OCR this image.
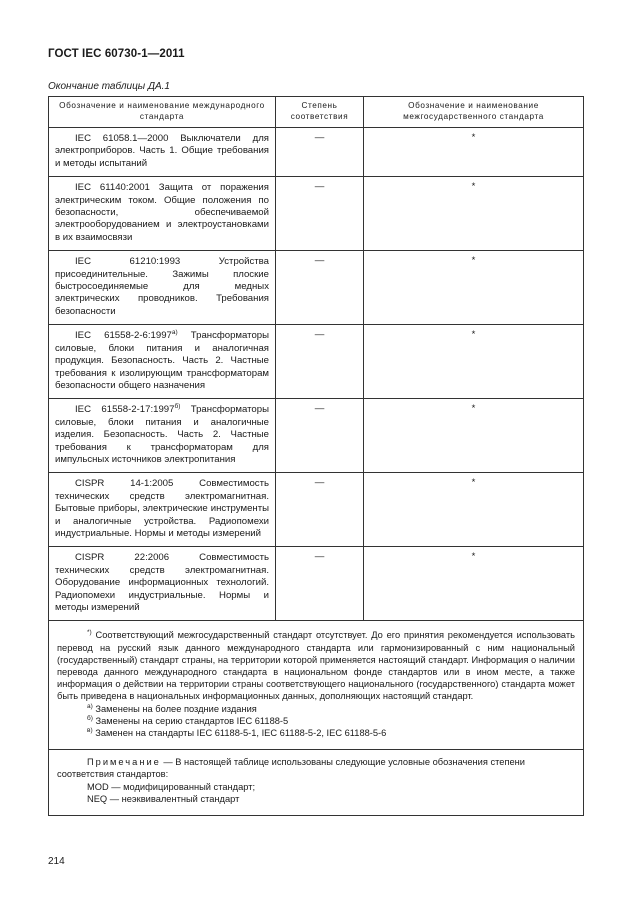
ГОСТ IEC 60730-1—2011
Окончание таблицы ДА.1
Обозначение и наименование международного стандарта	Степень соответствия	Обозначение и наименование межгосударственного стандарта
IEC 61058.1—2000 Выключатели для электроприборов. Часть 1. Общие требования и методы испытаний	—	*
IEC 61140:2001 Защита от поражения электрическим током. Общие положения по безопасности, обеспечиваемой электрооборудованием и электроустановками в их взаимосвязи	—	*
IEC 61210:1993 Устройства присоединительные. Зажимы плоские быстросоединяемые для медных электрических проводников. Требования безопасности	—	*
IEC $61558-2-6:1997^{а)}$ Трансформаторы силовые, блоки питания и аналогичная продукция. Безопасность. Часть 2. Частные требования к изолирующим трансформаторам безопасности общего назначения	—	*
IEC $61558-2-17:1997^{б)}$ Трансформаторы силовые, блоки питания и аналогичные изделия. Безопасность. Часть 2. Частные требования к трансформаторам для импульсных источников электропитания	—	*
CISPR 14-1:2005 Совместимость технических средств электромагнитная. Бытовые приборы, электрические инструменты и аналогичные устройства. Радиопомехи индустриальные. Нормы и методы измерений	—	*
CISPR 22:2006 Совместимость технических средств электромагнитная. Оборудование информационных технологий. Радиопомехи индустриальные. Нормы и методы измерений	—	*

*) Соответствующий межгосударственный стандарт отсутствует. До его принятия рекомендуется использовать перевод на русский язык данного международного стандарта или гармонизированный с ним национальный (государственный) стандарт страны, на территории которой применяется настоящий стандарт. Информация о наличии перевода данного международного стандарта в национальном фонде стандартов или в ином месте, а также информация о действии на территории страны соответствующего национального (государственного) стандарта может быть приведена в национальных информационных данных, дополняющих настоящий стандарт.
$^{а)}$ Заменены на более поздние издания
$^{б)}$ Заменены на серию стандартов IEC 61188-5
$^{в)}$ Заменен на стандарты IEC 61188-5-1, IEC 61188-5-2, IEC 61188-5-6		

Примечание — В настоящей таблице использованы следующие условные обозначения степени соответствия стандартов:
MOD — модифицированный стандарт;
NEQ — неэквивалентный стандарт		
214
